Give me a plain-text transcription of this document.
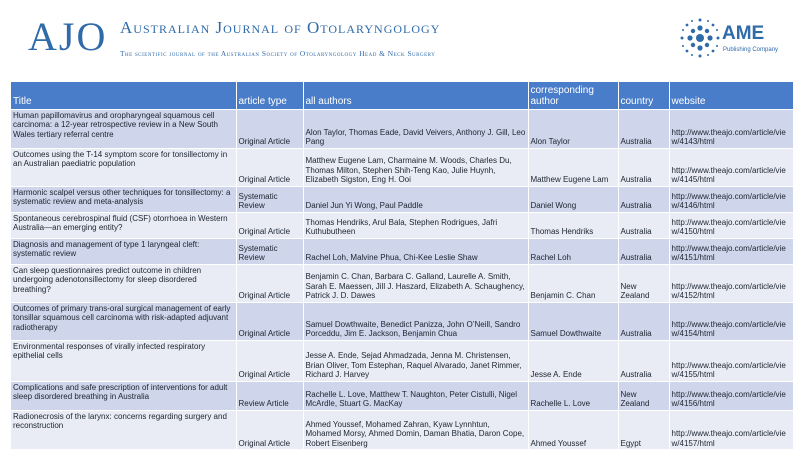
AJO Australian Journal of Otolaryngology
The scientific journal of the Australian Society of Otolaryngology Head & Neck Surgery
AME
Publishing Company
Title	article type	all authors	corresponding author	country	website
Human papillomavirus and oropharyngeal squamous cell carcinoma: a 12-year retrospective review in a New South Wales tertiary referral centre	Original Article	Alon Taylor, Thomas Eade, David Veivers, Anthony J. Gill, Leo Pang	Alon Taylor	Australia	http://www.theajo.com/article/view/4143/html
Outcomes using the T-14 symptom score for tonsillectomy in an Australian paediatric population	Original Article	Matthew Eugene Lam, Charmaine M. Woods, Charles Du, Thomas Milton, Stephen Shih-Teng Kao, Julie Huynh, Elizabeth Sigston, Eng H. Ooi	Matthew Eugene Lam	Australia	http://www.theajo.com/article/view/4145/html
Harmonic scalpel versus other techniques for tonsillectomy: a systematic review and meta-analysis	Systematic Review	Daniel Jun Yi Wong, Paul Paddle	Daniel Wong	Australia	http://www.theajo.com/article/view/4146/html
Spontaneous cerebrospinal fluid (CSF) otorrhoea in Western Australia—an emerging entity?	Original Article	Thomas Hendriks, Arul Bala, Stephen Rodrigues, Jafri Kuthubutheen	Thomas Hendriks	Australia	http://www.theajo.com/article/view/4150/html
Diagnosis and management of type 1 laryngeal cleft: systematic review	Systematic Review	Rachel Loh, Malvine Phua, Chi-Kee Leslie Shaw	Rachel Loh	Australia	http://www.theajo.com/article/view/4151/html
Can sleep questionnaires predict outcome in children undergoing adenotonsillectomy for sleep disordered breathing?	Original Article	Benjamin C. Chan, Barbara C. Galland, Laurelle A. Smith, Sarah E. Maessen, Jill J. Haszard, Elizabeth A. Schaughency, Patrick J. D. Dawes	Benjamin C. Chan	New Zealand	http://www.theajo.com/article/view/4152/html
Outcomes of primary trans-oral surgical management of early tonsillar squamous cell carcinoma with risk-adapted adjuvant radiotherapy	Original Article	Samuel Dowthwaite, Benedict Panizza, John O’Neill, Sandro Porceddu, Jim E. Jackson, Benjamin Chua	Samuel Dowthwaite	Australia	http://www.theajo.com/article/view/4154/html
Environmental responses of virally infected respiratory epithelial cells	Original Article	Jesse A. Ende, Sejad Ahmadzada, Jenna M. Christensen, Brian Oliver, Tom Estephan, Raquel Alvarado, Janet Rimmer, Richard J. Harvey	Jesse A. Ende	Australia	http://www.theajo.com/article/view/4155/html
Complications and safe prescription of interventions for adult sleep disordered breathing in Australia	Review Article	Rachelle L. Love, Matthew T. Naughton, Peter Cistulli, Nigel McArdle, Stuart G. MacKay	Rachelle L. Love	New Zealand	http://www.theajo.com/article/view/4156/html
Radionecrosis of the larynx: concerns regarding surgery and reconstruction	Original Article	Ahmed Youssef, Mohamed Zahran, Kyaw Lynnhtun, Mohamed Morsy, Ahmed Domin, Daman Bhatia, Daron Cope, Robert Eisenberg	Ahmed Youssef	Egypt	http://www.theajo.com/article/view/4157/html
